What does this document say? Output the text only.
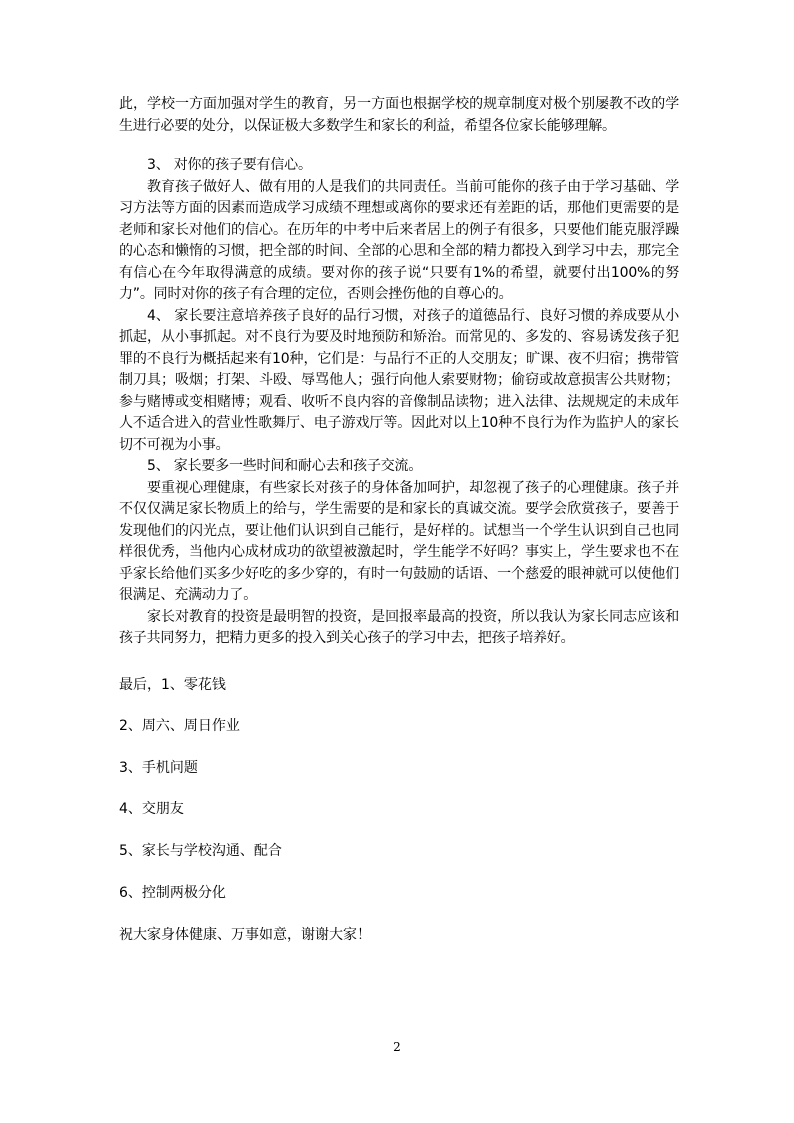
此，学校一方面加强对学生的教育，另一方面也根据学校的规章制度对极个别屡教不改的学生进行必要的处分，以保证极大多数学生和家长的利益，希望各位家长能够理解。

3、 对你的孩子要有信心。

教育孩子做好人、做有用的人是我们的共同责任。当前可能你的孩子由于学习基础、学习方法等方面的因素而造成学习成绩不理想或离你的要求还有差距的话，那他们更需要的是老师和家长对他们的信心。在历年的中考中后来者居上的例子有很多，只要他们能克服浮躁的心态和懒惰的习惯，把全部的时间、全部的心思和全部的精力都投入到学习中去，那完全有信心在今年取得满意的成绩。要对你的孩子说“只要有1%的希望，就要付出100%的努力”。同时对你的孩子有合理的定位，否则会挫伤他的自尊心的。

4、 家长要注意培养孩子良好的品行习惯，对孩子的道德品行、良好习惯的养成要从小抓起，从小事抓起。对不良行为要及时地预防和矫治。而常见的、多发的、容易诱发孩子犯罪的不良行为概括起来有10种，它们是：与品行不正的人交朋友；旷课、夜不归宿；携带管制刀具；吸烟；打架、斗殴、辱骂他人；强行向他人索要财物；偷窃或故意损害公共财物；参与赌博或变相赌博；观看、收听不良内容的音像制品读物；进入法律、法规规定的未成年人不适合进入的营业性歌舞厅、电子游戏厅等。因此对以上10种不良行为作为监护人的家长切不可视为小事。

5、 家长要多一些时间和耐心去和孩子交流。

要重视心理健康，有些家长对孩子的身体备加呵护，却忽视了孩子的心理健康。孩子并不仅仅满足家长物质上的给与，学生需要的是和家长的真诚交流。要学会欣赏孩子，要善于发现他们的闪光点，要让他们认识到自己能行，是好样的。试想当一个学生认识到自己也同样很优秀，当他内心成材成功的欲望被激起时，学生能学不好吗？事实上，学生要求也不在乎家长给他们买多少好吃的多少穿的，有时一句鼓励的话语、一个慈爱的眼神就可以使他们很满足、充满动力了。

家长对教育的投资是最明智的投资，是回报率最高的投资，所以我认为家长同志应该和孩子共同努力，把精力更多的投入到关心孩子的学习中去，把孩子培养好。

最后，1、零花钱

2、周六、周日作业

3、手机问题

4、交朋友

5、家长与学校沟通、配合

6、控制两极分化

祝大家身体健康、万事如意，谢谢大家！

2
